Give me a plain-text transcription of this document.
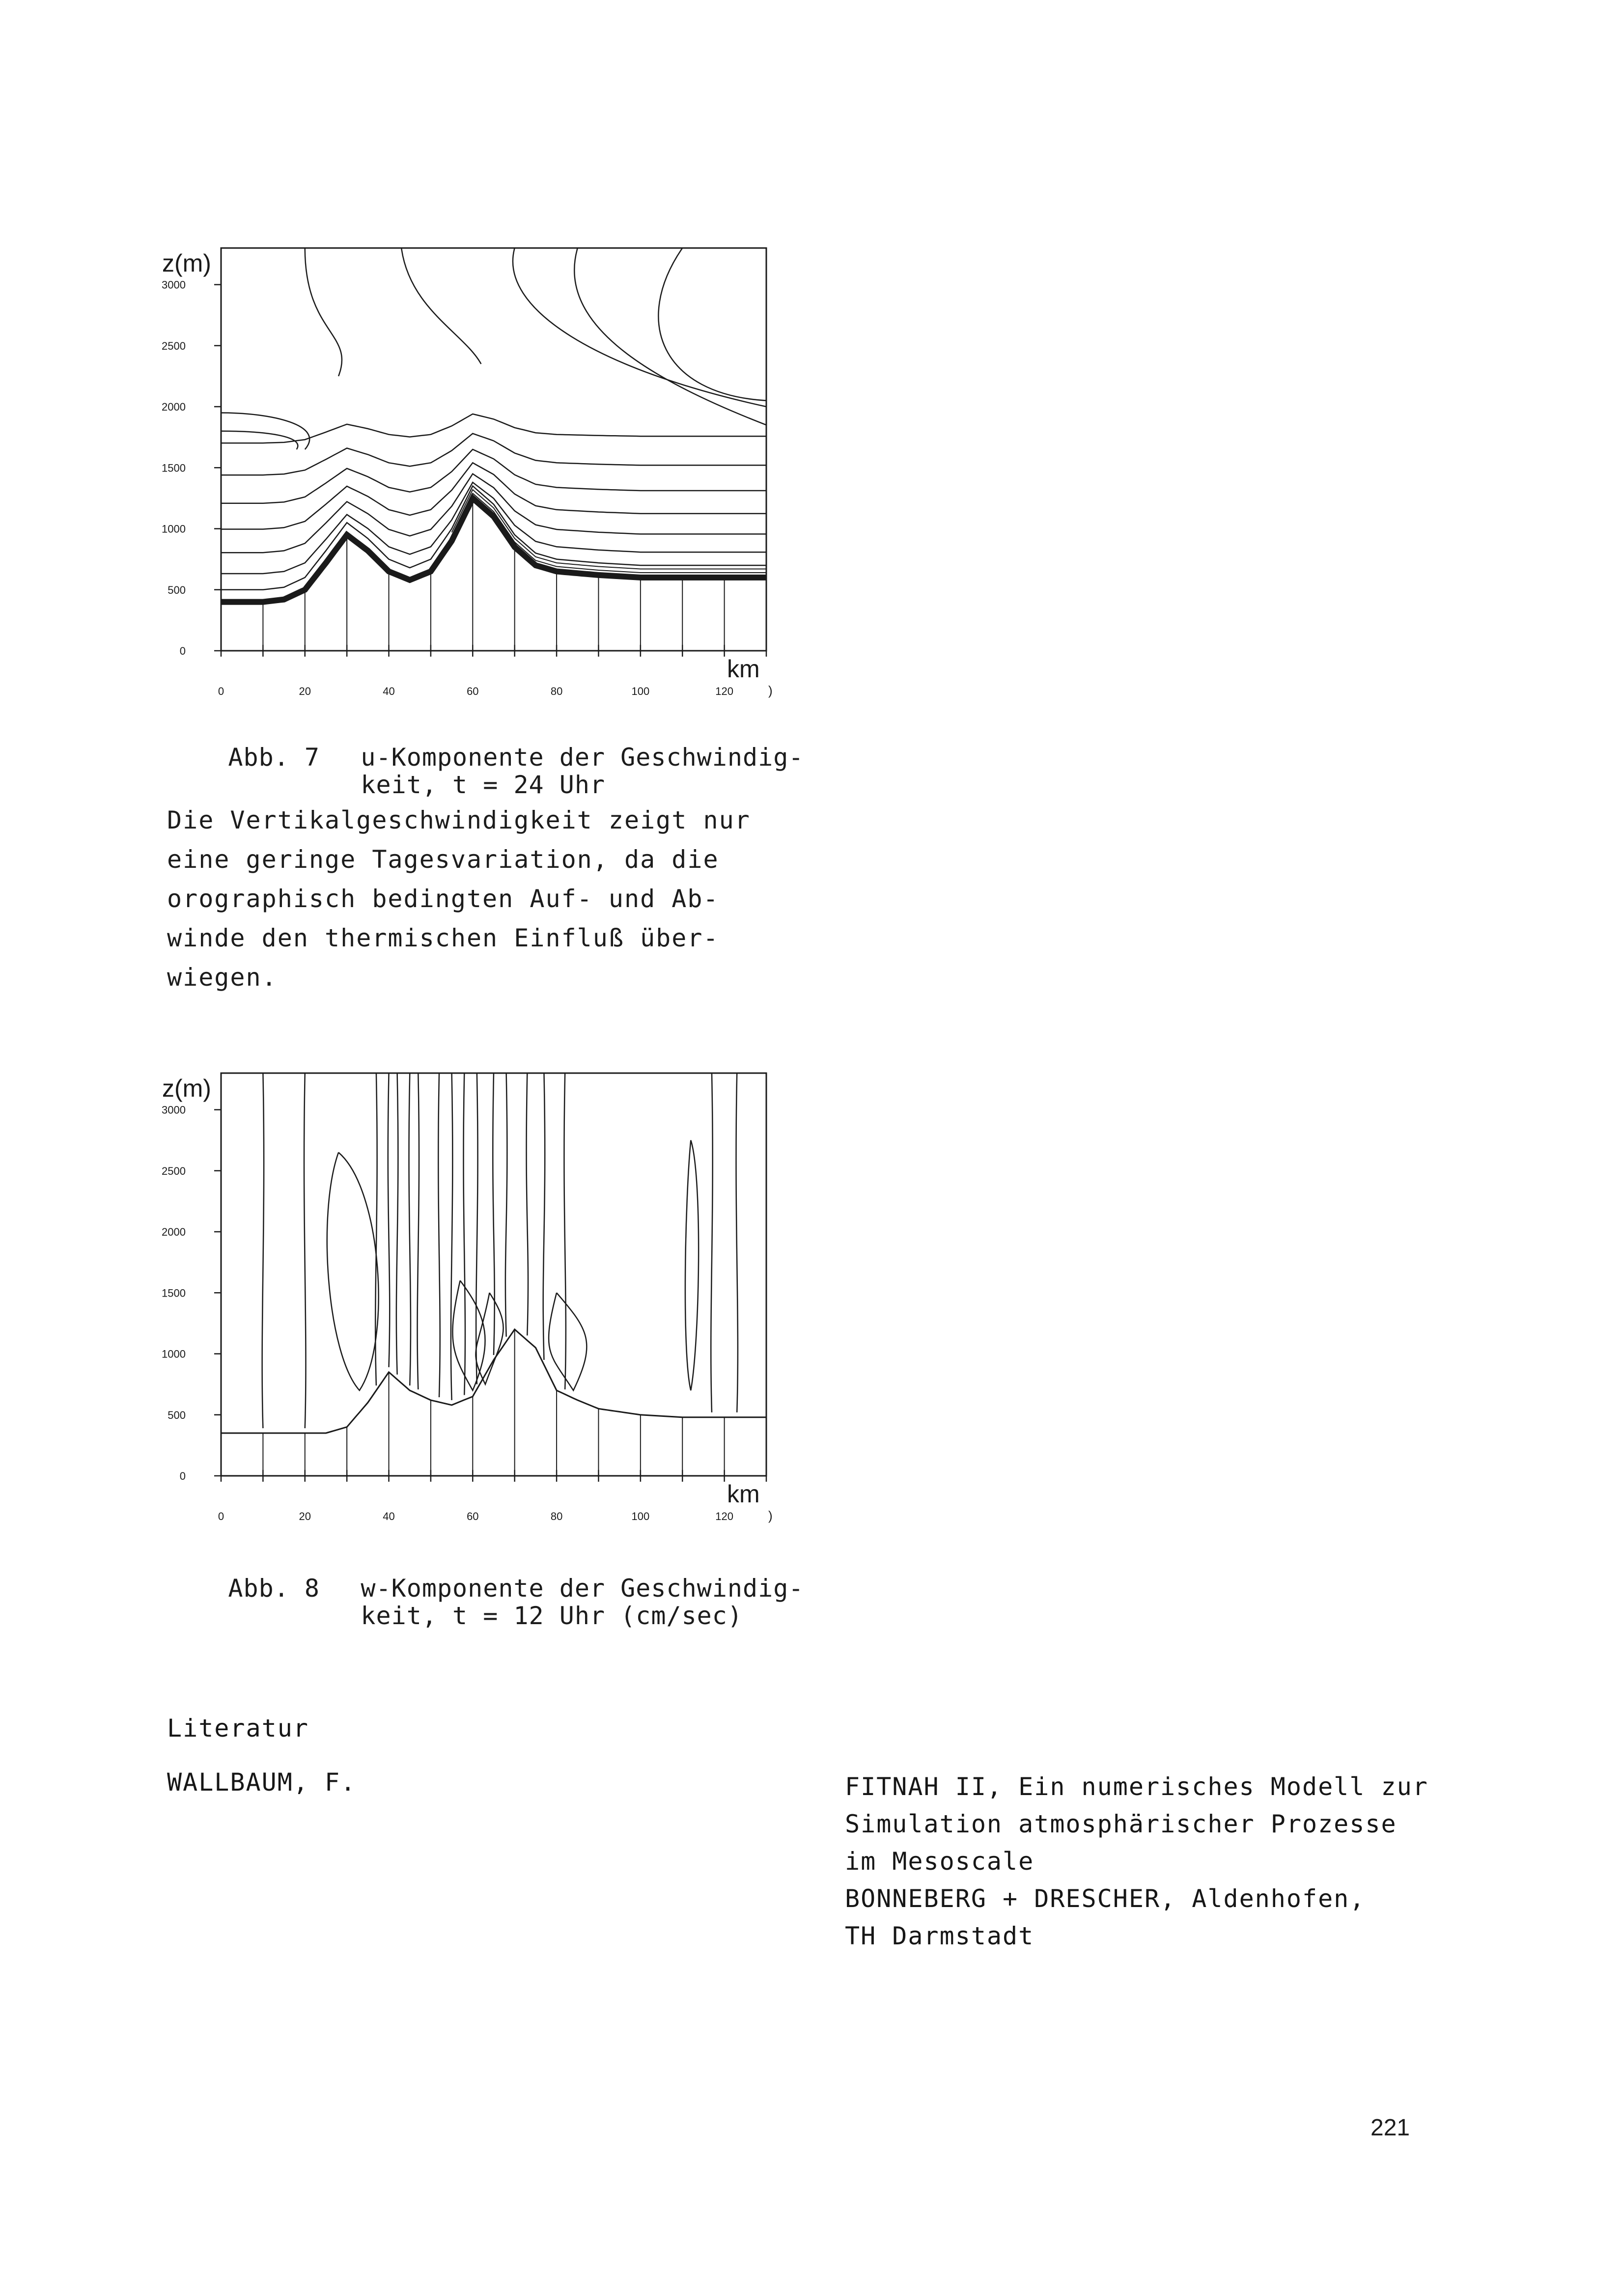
0
500
1000
1500
2000
2500
3000
0	20	40	60	80	100	120	)
z(m)
km

Abb. 7 u-Komponente der Geschwindig-
keit, t = 24 Uhr

Die Vertikalgeschwindigkeit zeigt nur
eine geringe Tagesvariation, da die
orographisch bedingten Auf- und Ab-
winde den thermischen Einfluß über-
wiegen.
0
500
1000
1500
2000
2500
3000
0	20	40	60	80	100	120	)
z(m)
km

Abb. 8 w-Komponente der Geschwindig-
keit, t = 12 Uhr (cm/sec)

Literatur
WALLBAUM, F.	FITNAH II, Ein numerisches Modell zur
Simulation atmosphärischer Prozesse
im Mesoscale
BONNEBERG + DRESCHER, Aldenhofen,
TH Darmstadt
221
